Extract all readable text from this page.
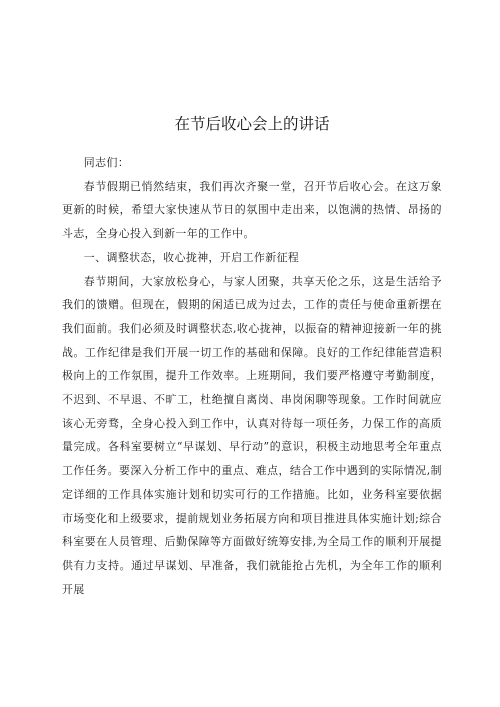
在节后收心会上的讲话

同志们：

春节假期已悄然结束，我们再次齐聚一堂，召开节后收心会。在这万象更新的时候，希望大家快速从节日的氛围中走出来，以饱满的热情、昂扬的斗志，全身心投入到新一年的工作中。

一、调整状态，收心拢神，开启工作新征程

春节期间，大家放松身心，与家人团聚，共享天伦之乐，这是生活给予我们的馈赠。但现在，假期的闲适已成为过去，工作的责任与使命重新摆在我们面前。我们必须及时调整状态,收心拢神，以振奋的精神迎接新一年的挑战。工作纪律是我们开展一切工作的基础和保障。良好的工作纪律能营造积极向上的工作氛围，提升工作效率。上班期间，我们要严格遵守考勤制度，不迟到、不早退、不旷工，杜绝擅自离岗、串岗闲聊等现象。工作时间就应该心无旁骛，全身心投入到工作中，认真对待每一项任务，力保工作的高质量完成。各科室要树立“早谋划、早行动”的意识，积极主动地思考全年重点工作任务。要深入分析工作中的重点、难点，结合工作中遇到的实际情况,制定详细的工作具体实施计划和切实可行的工作措施。比如，业务科室要依据市场变化和上级要求，提前规划业务拓展方向和项目推进具体实施计划;综合科室要在人员管理、后勤保障等方面做好统筹安排,为全局工作的顺利开展提供有力支持。通过早谋划、早准备，我们就能抢占先机，为全年工作的顺利开展
